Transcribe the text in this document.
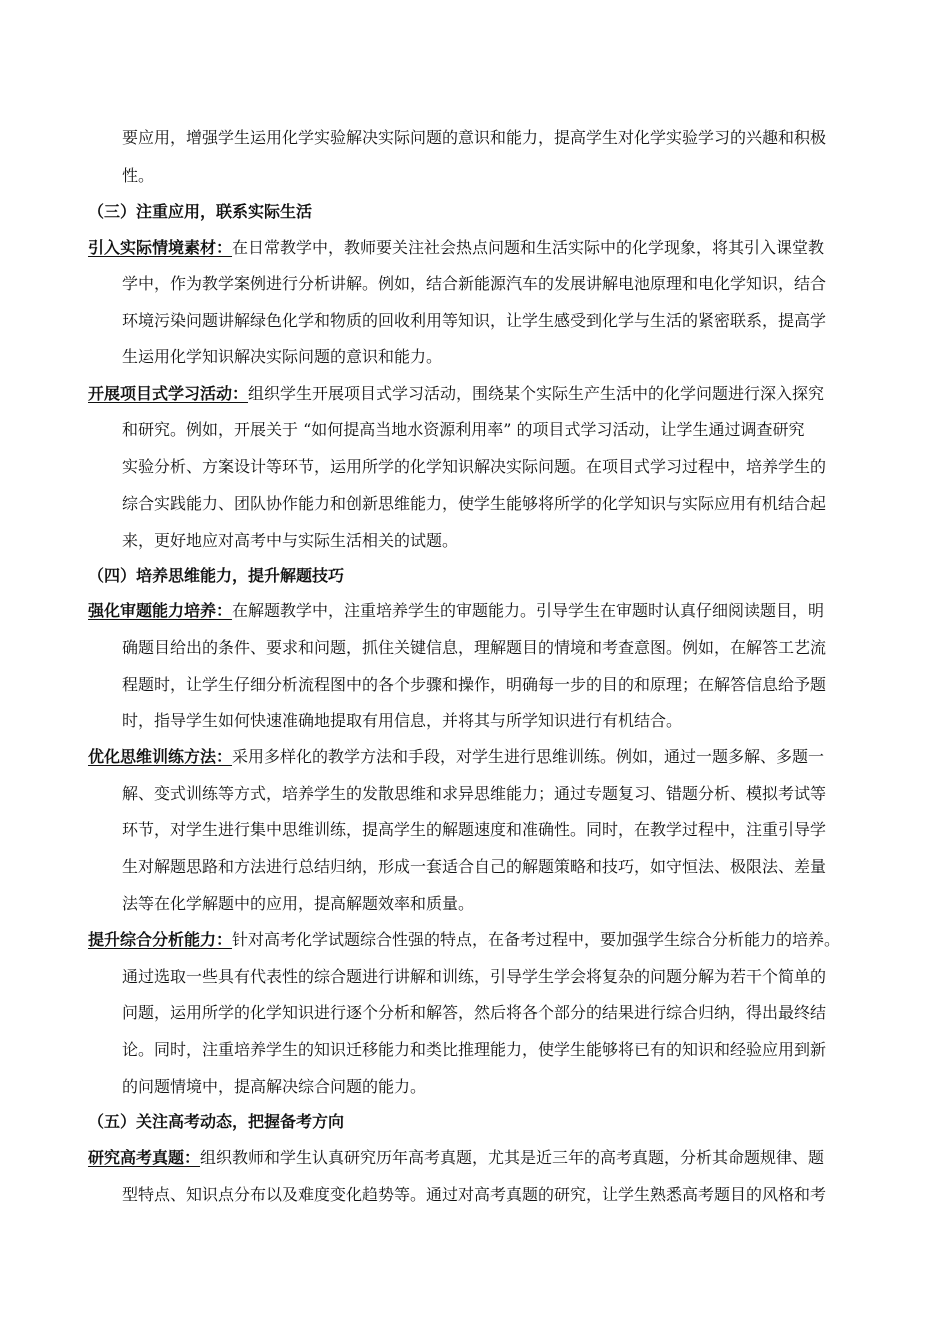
要应用，增强学生运用化学实验解决实际问题的意识和能力，提高学生对化学实验学习的兴趣和积极
性。
（三）注重应用，联系实际生活
引入实际情境素材：在日常教学中，教师要关注社会热点问题和生活实际中的化学现象，将其引入课堂教
学中，作为教学案例进行分析讲解。例如，结合新能源汽车的发展讲解电池原理和电化学知识，结合
环境污染问题讲解绿色化学和物质的回收利用等知识，让学生感受到化学与生活的紧密联系，提高学
生运用化学知识解决实际问题的意识和能力。
开展项目式学习活动：组织学生开展项目式学习活动，围绕某个实际生产生活中的化学问题进行深入探究
和研究。例如，开展关于 “如何提高当地水资源利用率” 的项目式学习活动，让学生通过调查研究
实验分析、方案设计等环节，运用所学的化学知识解决实际问题。在项目式学习过程中，培养学生的
综合实践能力、团队协作能力和创新思维能力，使学生能够将所学的化学知识与实际应用有机结合起
来，更好地应对高考中与实际生活相关的试题。
（四）培养思维能力，提升解题技巧
强化审题能力培养：在解题教学中，注重培养学生的审题能力。引导学生在审题时认真仔细阅读题目，明
确题目给出的条件、要求和问题，抓住关键信息，理解题目的情境和考查意图。例如，在解答工艺流
程题时，让学生仔细分析流程图中的各个步骤和操作，明确每一步的目的和原理；在解答信息给予题
时，指导学生如何快速准确地提取有用信息，并将其与所学知识进行有机结合。
优化思维训练方法：采用多样化的教学方法和手段，对学生进行思维训练。例如，通过一题多解、多题一
解、变式训练等方式，培养学生的发散思维和求异思维能力；通过专题复习、错题分析、模拟考试等
环节，对学生进行集中思维训练，提高学生的解题速度和准确性。同时，在教学过程中，注重引导学
生对解题思路和方法进行总结归纳，形成一套适合自己的解题策略和技巧，如守恒法、极限法、差量
法等在化学解题中的应用，提高解题效率和质量。
提升综合分析能力：针对高考化学试题综合性强的特点，在备考过程中，要加强学生综合分析能力的培养。
通过选取一些具有代表性的综合题进行讲解和训练，引导学生学会将复杂的问题分解为若干个简单的
问题，运用所学的化学知识进行逐个分析和解答，然后将各个部分的结果进行综合归纳，得出最终结
论。同时，注重培养学生的知识迁移能力和类比推理能力，使学生能够将已有的知识和经验应用到新
的问题情境中，提高解决综合问题的能力。
（五）关注高考动态，把握备考方向
研究高考真题：组织教师和学生认真研究历年高考真题，尤其是近三年的高考真题，分析其命题规律、题
型特点、知识点分布以及难度变化趋势等。通过对高考真题的研究，让学生熟悉高考题目的风格和考
